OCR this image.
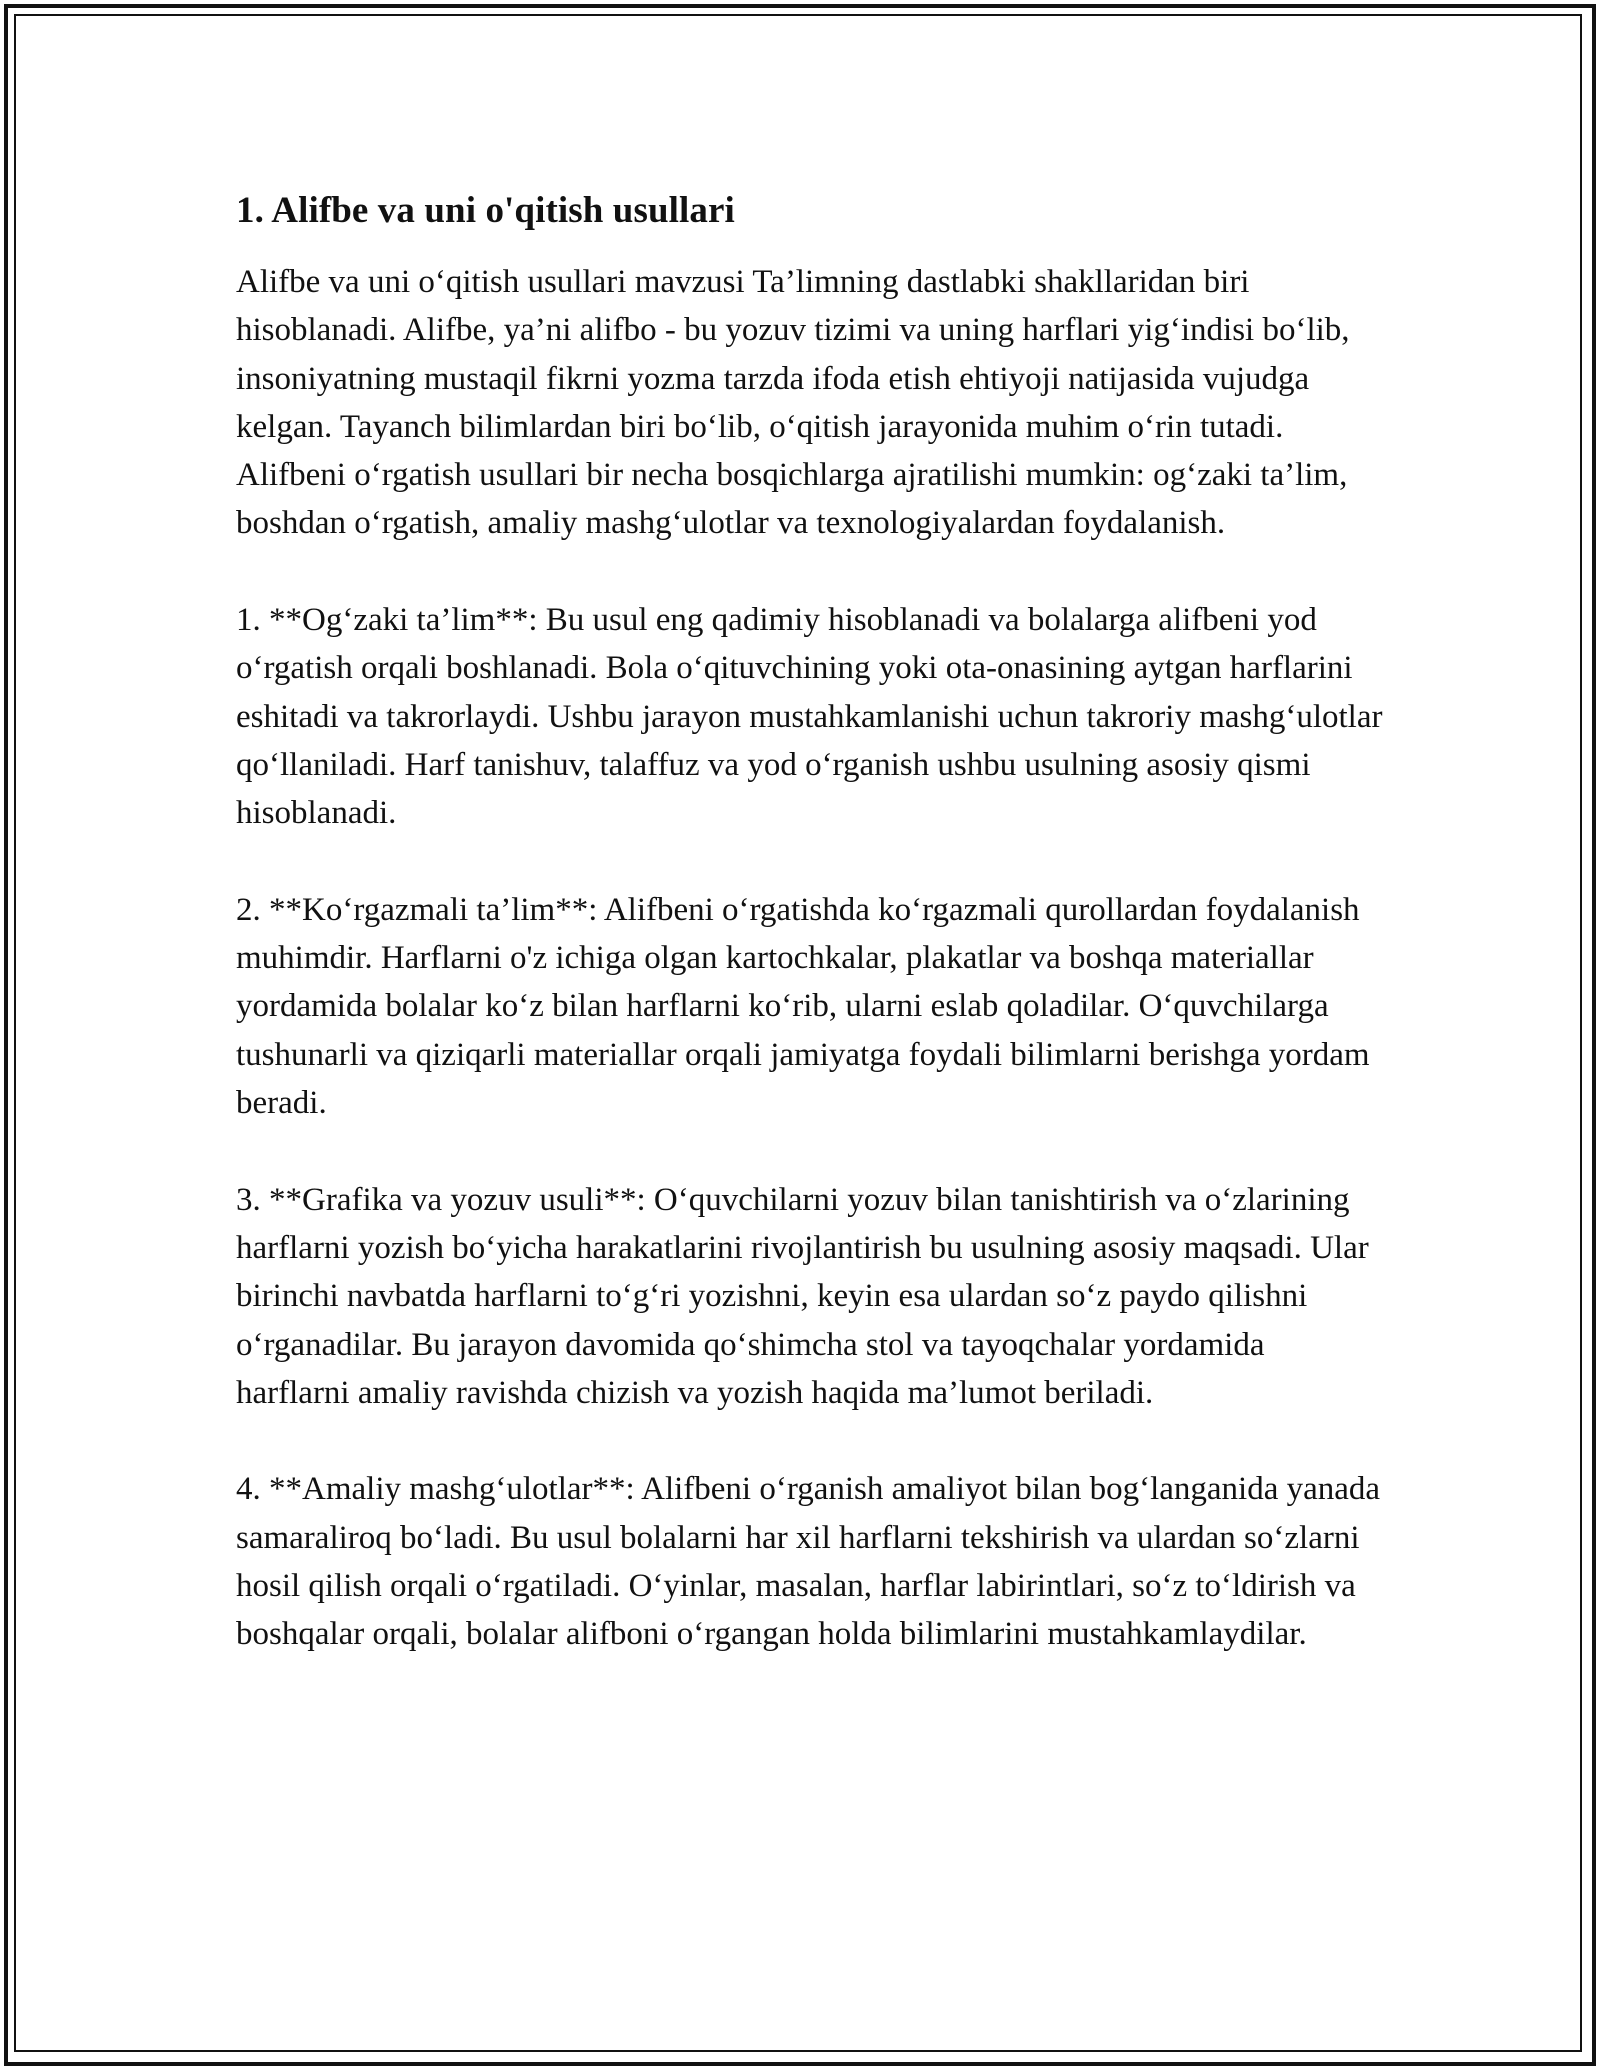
1. Alifbe va uni o'qitish usullari

Alifbe va uni o‘qitish usullari mavzusi Ta’limning dastlabki shakllaridan biri hisoblanadi. Alifbe, ya’ni alifbo - bu yozuv tizimi va uning harflari yig‘indisi bo‘lib, insoniyatning mustaqil fikrni yozma tarzda ifoda etish ehtiyoji natijasida vujudga kelgan. Tayanch bilimlardan biri bo‘lib, o‘qitish jarayonida muhim o‘rin tutadi. Alifbeni o‘rgatish usullari bir necha bosqichlarga ajratilishi mumkin: og‘zaki ta’lim, boshdan o‘rgatish, amaliy mashg‘ulotlar va texnologiyalardan foydalanish.

1. **Og‘zaki ta’lim**: Bu usul eng qadimiy hisoblanadi va bolalarga alifbeni yod o‘rgatish orqali boshlanadi. Bola o‘qituvchining yoki ota-onasining aytgan harflarini eshitadi va takrorlaydi. Ushbu jarayon mustahkamlanishi uchun takroriy mashg‘ulotlar qo‘llaniladi. Harf tanishuv, talaffuz va yod o‘rganish ushbu usulning asosiy qismi hisoblanadi.

2. **Ko‘rgazmali ta’lim**: Alifbeni o‘rgatishda ko‘rgazmali qurollardan foydalanish muhimdir. Harflarni o'z ichiga olgan kartochkalar, plakatlar va boshqa materiallar yordamida bolalar ko‘z bilan harflarni ko‘rib, ularni eslab qoladilar. O‘quvchilarga tushunarli va qiziqarli materiallar orqali jamiyatga foydali bilimlarni berishga yordam beradi.

3. **Grafika va yozuv usuli**: O‘quvchilarni yozuv bilan tanishtirish va o‘zlarining harflarni yozish bo‘yicha harakatlarini rivojlantirish bu usulning asosiy maqsadi. Ular birinchi navbatda harflarni to‘g‘ri yozishni, keyin esa ulardan so‘z paydo qilishni o‘rganadilar. Bu jarayon davomida qo‘shimcha stol va tayoqchalar yordamida harflarni amaliy ravishda chizish va yozish haqida ma’lumot beriladi.

4. **Amaliy mashg‘ulotlar**: Alifbeni o‘rganish amaliyot bilan bog‘langanida yanada samaraliroq bo‘ladi. Bu usul bolalarni har xil harflarni tekshirish va ulardan so‘zlarni hosil qilish orqali o‘rgatiladi. O‘yinlar, masalan, harflar labirintlari, so‘z to‘ldirish va boshqalar orqali, bolalar alifboni o‘rgangan holda bilimlarini mustahkamlaydilar.
